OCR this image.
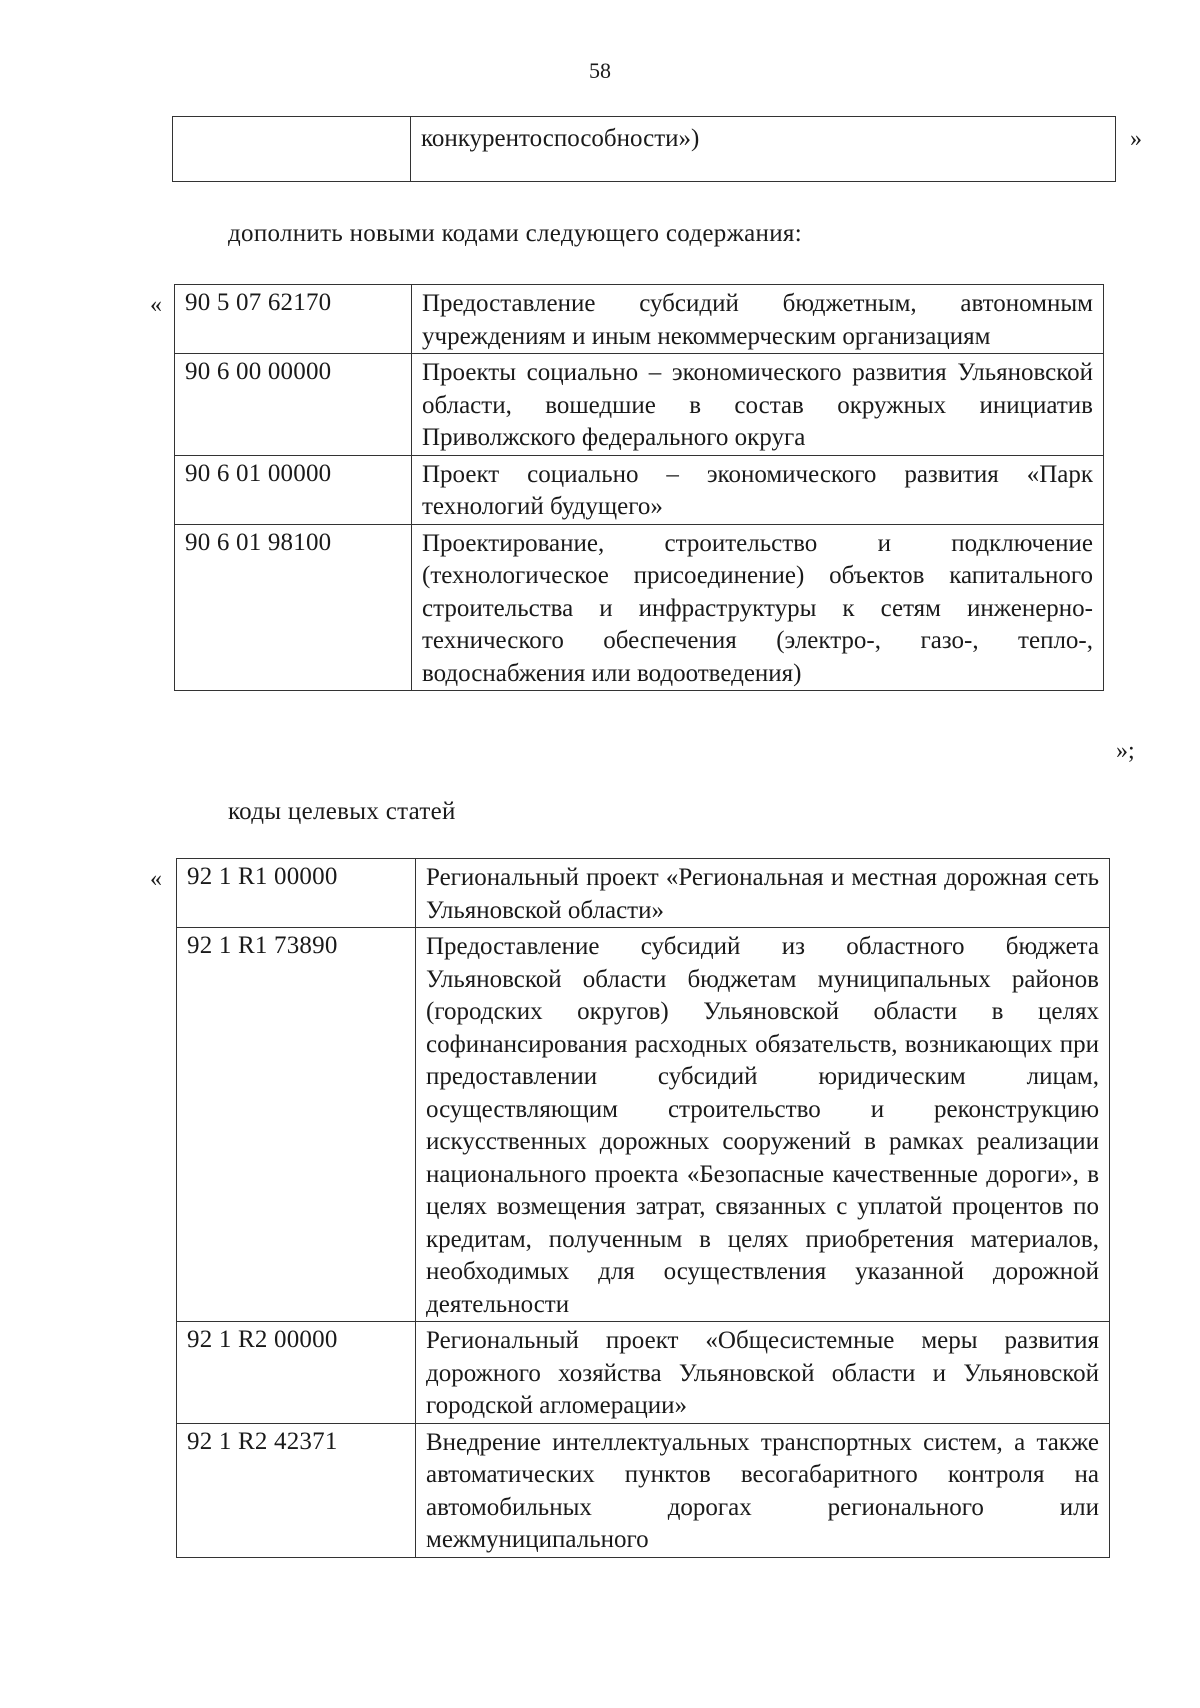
58
	конкурентоспособности»)	»
дополнить новыми кодами следующего содержания:
« 90 5 07 62170	Предоставление субсидий бюджетным, автономным учреждениям и иным некоммерческим организациям
90 6 00 00000	Проекты социально – экономического развития Ульяновской области, вошедшие в состав окружных инициатив Приволжского федерального округа
90 6 01 00000	Проект социально – экономического развития «Парк технологий будущего»
90 6 01 98100	Проектирование, строительство и подключение (технологическое присоединение) объектов капитального строительства и инфраструктуры к сетям инженерно-технического обеспечения (электро-, газо-, тепло-, водоснабжения или водоотведения)
»;
коды целевых статей
« 92 1 R1 00000	Региональный проект «Региональная и местная дорожная сеть Ульяновской области»
92 1 R1 73890	Предоставление субсидий из областного бюджета Ульяновской области бюджетам муниципальных районов (городских округов) Ульяновской области в целях софинансирования расходных обязательств, возникающих при предоставлении субсидий юридическим лицам, осуществляющим строительство и реконструкцию искусственных дорожных сооружений в рамках реализации национального проекта «Безопасные качественные дороги», в целях возмещения затрат, связанных с уплатой процентов по кредитам, полученным в целях приобретения материалов, необходимых для осуществления указанной дорожной деятельности
92 1 R2 00000	Региональный проект «Общесистемные меры развития дорожного хозяйства Ульяновской области и Ульяновской городской агломерации»
92 1 R2 42371	Внедрение интеллектуальных транспортных систем, а также автоматических пунктов весогабаритного контроля на автомобильных дорогах регионального или межмуниципального
